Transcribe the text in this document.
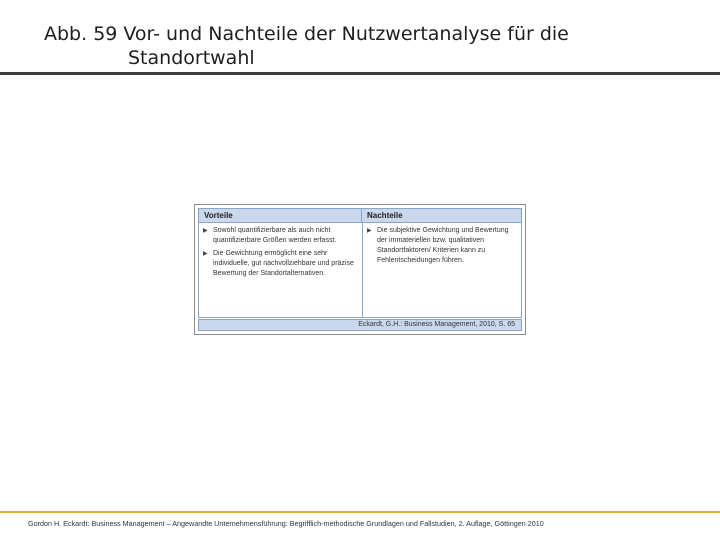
Abb. 59 Vor- und Nachteile der Nutzwertanalyse für die
Standortwahl
Vorteile	Nachteile
▶ Sowohl quantifizierbare als auch nicht quantifizierbare Größen werden erfasst.
▶ Die Gewichtung ermöglicht eine sehr individuelle, gut nachvollziehbare und präzise Bewertung der Standortalternativen.
▶ Die subjektive Gewichtung und Bewertung der immateriellen bzw. qualitativen Standortfaktoren/ Kriterien kann zu Fehlentscheidungen führen.
Eckardt, G.H.: Business Management, 2010, S. 65
Gordon H. Eckardt: Business Management – Angewandte Unternehmensführung: Begrifflich-methodische Grundlagen und Fallstudien, 2. Auflage, Göttingen 2010
